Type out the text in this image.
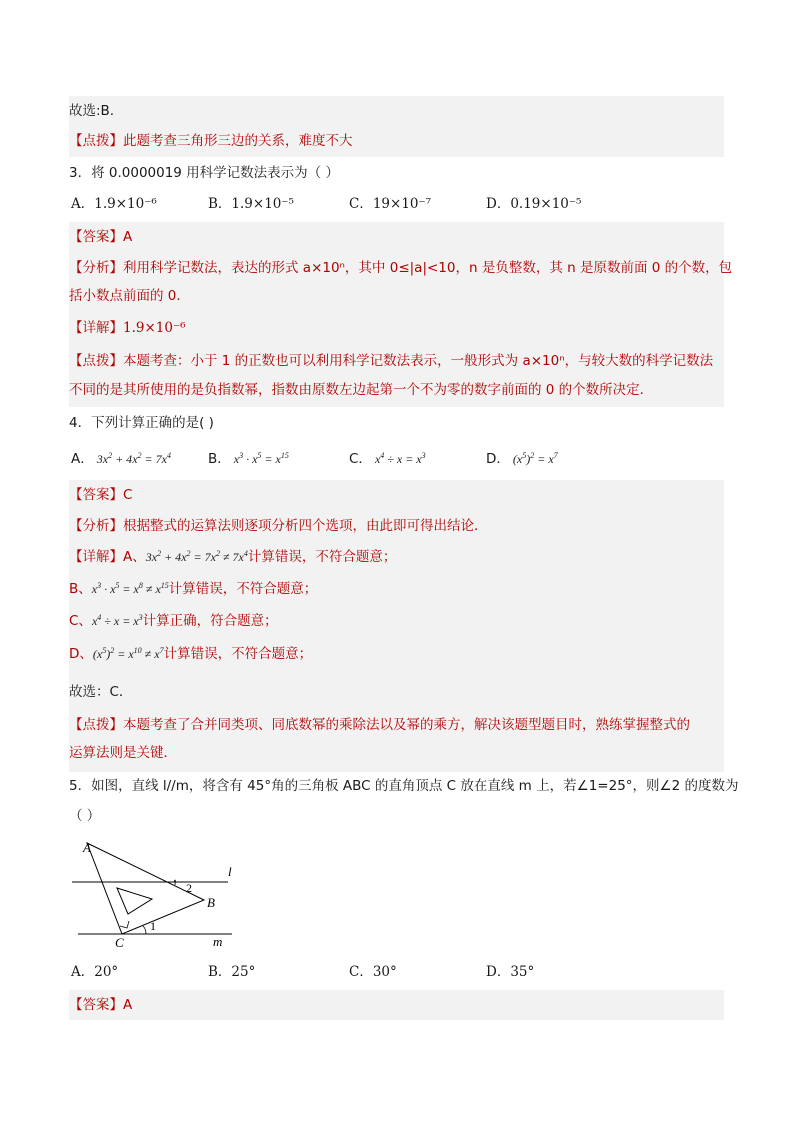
故选:B.
【点拨】此题考查三角形三边的关系，难度不大
3．将 0.0000019 用科学记数法表示为（ ）
A．1.9×10⁻⁶	B．1.9×10⁻⁵	C．19×10⁻⁷	D．0.19×10⁻⁵
【答案】A
【分析】利用科学记数法，表达的形式 a×10ⁿ，其中 0≤|a|<10，n 是负整数，其 n 是原数前面 0 的个数，包
括小数点前面的 0.
【详解】1.9×10⁻⁶
【点拨】本题考查：小于 1 的正数也可以利用科学记数法表示，一般形式为 a×10ⁿ，与较大数的科学记数法
不同的是其所使用的是负指数幂，指数由原数左边起第一个不为零的数字前面的 0 的个数所决定．
4．下列计算正确的是( )
A． $3x^2 + 4x^2 = 7x^4$	B． $x^3 \cdot x^5 = x^{15}$	C． $x^4 \div x = x^3$	D． $(x^5)^2 = x^7$
【答案】C
【分析】根据整式的运算法则逐项分析四个选项，由此即可得出结论．
【详解】A、$3x^2 + 4x^2 = 7x^2 \ne 7x^4$计算错误，不符合题意；
B、$x^3 \cdot x^5 = x^8 \ne x^{15}$计算错误，不符合题意；
C、$x^4 \div x = x^3$计算正确，符合题意；
D、$(x^5)^2 = x^{10} \ne x^7$计算错误，不符合题意；
故选：C．
【点拨】本题考查了合并同类项、同底数幂的乘除法以及幂的乘方，解决该题型题目时，熟练掌握整式的
运算法则是关键．
5．如图，直线 l//m，将含有 45°角的三角板 ABC 的直角顶点 C 放在直线 m 上，若∠1=25°，则∠2 的度数为
（ ）
A
B
C
l
m
1
2
A．20°	B．25°	C．30°	D．35°
【答案】A
